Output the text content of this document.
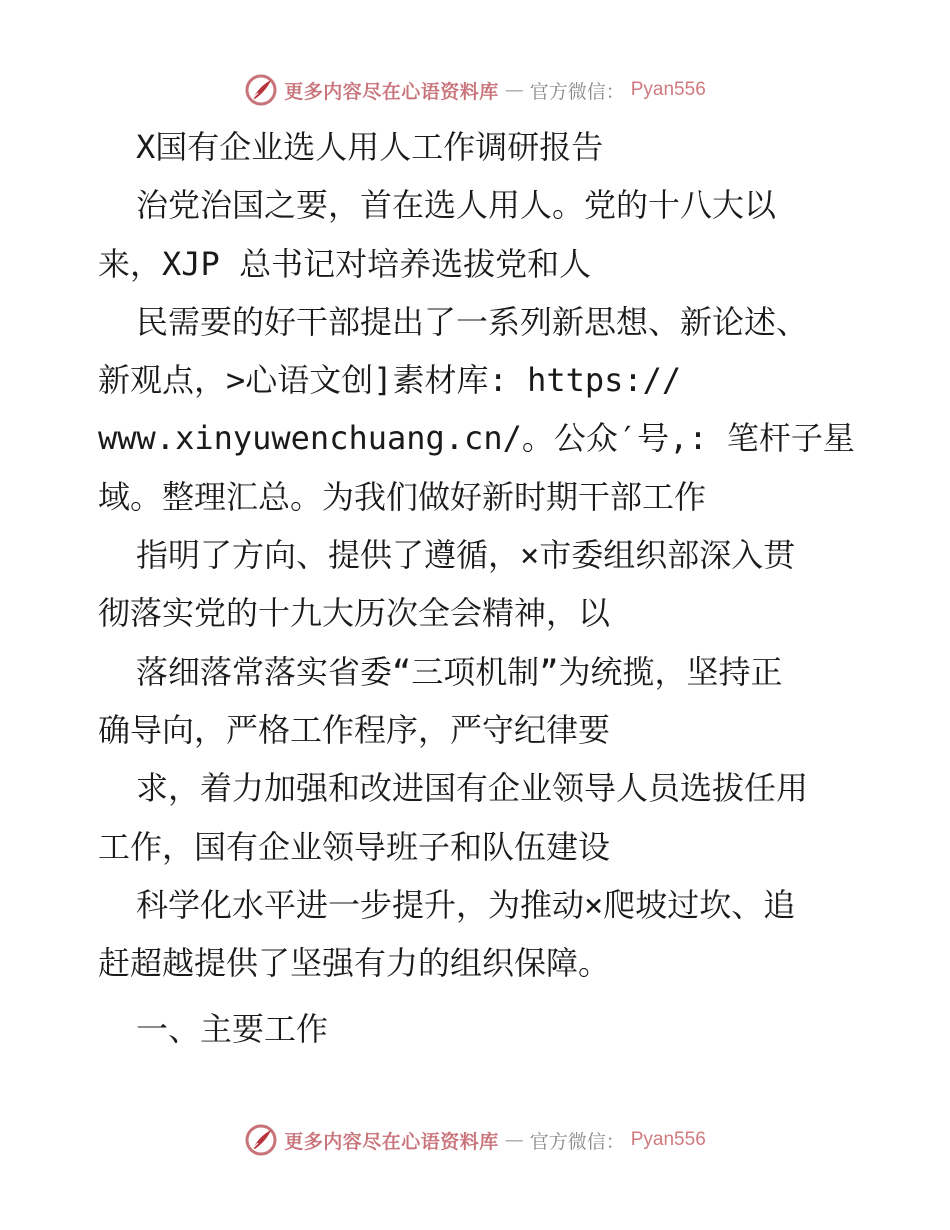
更多内容尽在心语资料库 — 官方微信： Pyan556
X国有企业选人用人工作调研报告
治党治国之要，首在选人用人。党的十八大以
来，XJP 总书记对培养选拔党和人
民需要的好干部提出了一系列新思想、新论述、
新观点，>心语文创]素材库: https://
www.xinyuwenchuang.cn/。公众′号,: 笔杆子星
域。整理汇总。为我们做好新时期干部工作
指明了方向、提供了遵循，×市委组织部深入贯
彻落实党的十九大历次全会精神，以
落细落常落实省委“三项机制”为统揽，坚持正
确导向，严格工作程序，严守纪律要
求，着力加强和改进国有企业领导人员选拔任用
工作，国有企业领导班子和队伍建设
科学化水平进一步提升，为推动×爬坡过坎、追
赶超越提供了坚强有力的组织保障。
一、主要工作
更多内容尽在心语资料库 — 官方微信： Pyan556
